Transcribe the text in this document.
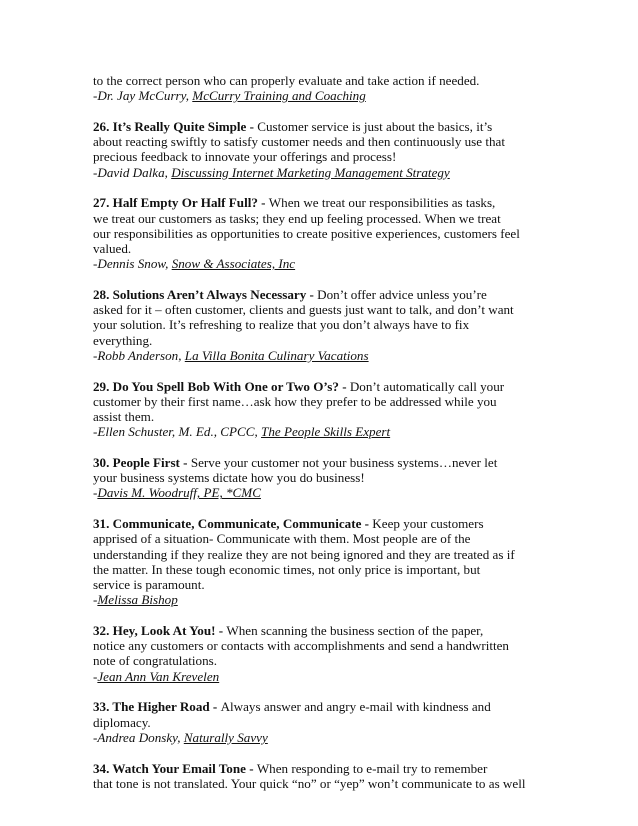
to the correct person who can properly evaluate and take action if needed.
-Dr. Jay McCurry, McCurry Training and Coaching
26. It’s Really Quite Simple - Customer service is just about the basics, it’s
about reacting swiftly to satisfy customer needs and then continuously use that
precious feedback to innovate your offerings and process!
-David Dalka, Discussing Internet Marketing Management Strategy
27. Half Empty Or Half Full? - When we treat our responsibilities as tasks,
we treat our customers as tasks; they end up feeling processed. When we treat
our responsibilities as opportunities to create positive experiences, customers feel
valued.
-Dennis Snow, Snow & Associates, Inc
28. Solutions Aren’t Always Necessary - Don’t offer advice unless you’re
asked for it – often customer, clients and guests just want to talk, and don’t want
your solution. It’s refreshing to realize that you don’t always have to fix
everything.
-Robb Anderson, La Villa Bonita Culinary Vacations
29. Do You Spell Bob With One or Two O’s? - Don’t automatically call your
customer by their first name…ask how they prefer to be addressed while you
assist them.
-Ellen Schuster, M. Ed., CPCC, The People Skills Expert
30. People First - Serve your customer not your business systems…never let
your business systems dictate how you do business!
-Davis M. Woodruff, PE, *CMC
31. Communicate, Communicate, Communicate - Keep your customers
apprised of a situation- Communicate with them. Most people are of the
understanding if they realize they are not being ignored and they are treated as if
the matter. In these tough economic times, not only price is important, but
service is paramount.
-Melissa Bishop
32. Hey, Look At You! - When scanning the business section of the paper,
notice any customers or contacts with accomplishments and send a handwritten
note of congratulations.
-Jean Ann Van Krevelen
33. The Higher Road - Always answer and angry e-mail with kindness and
diplomacy.
-Andrea Donsky, Naturally Savvy
34. Watch Your Email Tone - When responding to e-mail try to remember
that tone is not translated. Your quick “no” or “yep” won’t communicate to as well
